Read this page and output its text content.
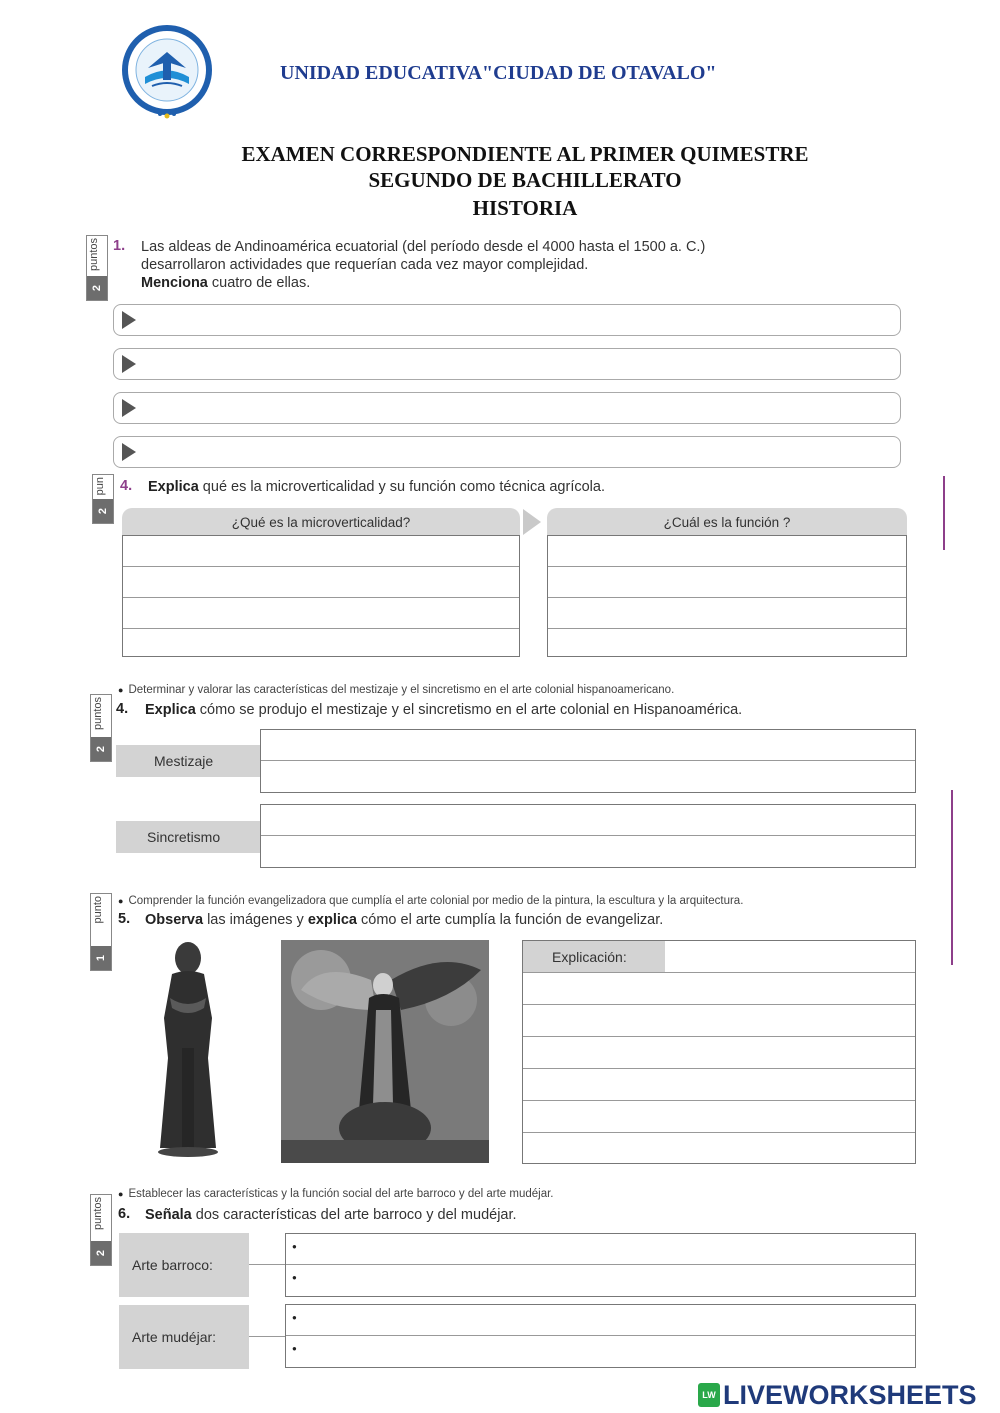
UNIDAD EDUCATIVA"CIUDAD DE OTAVALO"
EXAMEN CORRESPONDIENTE AL PRIMER QUIMESTRE
SEGUNDO DE BACHILLERATO
HISTORIA
puntos
2
1. Las aldeas de Andinoamérica ecuatorial (del período desde el 4000 hasta el 1500 a. C.)
desarrollaron actividades que requerían cada vez mayor complejidad.
Menciona cuatro de ellas.
pun
2
4. Explica qué es la microverticalidad y su función como técnica agrícola.
¿Qué es la microverticalidad?	¿Cuál es la función ?
● Determinar y valorar las características del mestizaje y el sincretismo en el arte colonial hispanoamericano.
puntos
2
4. Explica cómo se produjo el mestizaje y el sincretismo en el arte colonial en Hispanoamérica.
Mestizaje
Sincretismo
● Comprender la función evangelizadora que cumplía el arte colonial por medio de la pintura, la escultura y la arquitectura.
punto
1
5. Observa las imágenes y explica cómo el arte cumplía la función de evangelizar.
Explicación:
● Establecer las características y la función social del arte barroco y del arte mudéjar.
puntos
2
6. Señala dos características del arte barroco y del mudéjar.
Arte barroco:
●
●
Arte mudéjar:
●
●
LW LIVEWORKSHEETS
